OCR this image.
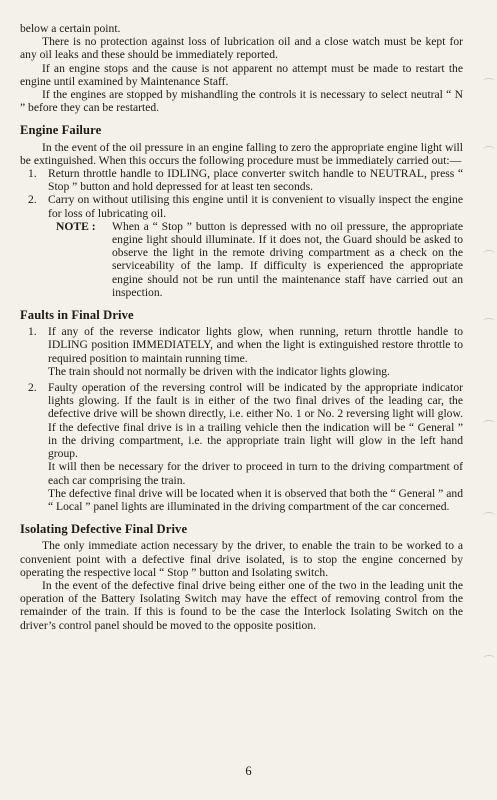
below a certain point.

There is no protection against loss of lubrication oil and a close watch must be kept for any oil leaks and these should be immediately reported.

If an engine stops and the cause is not apparent no attempt must be made to restart the engine until examined by Maintenance Staff.

If the engines are stopped by mishandling the controls it is necessary to select neutral “ N ” before they can be restarted.

Engine Failure

In the event of the oil pressure in an engine falling to zero the appropriate engine light will be extinguished. When this occurs the following procedure must be immediately carried out:—

1. Return throttle handle to IDLING, place converter switch handle to NEUTRAL, press “ Stop ” button and hold depressed for at least ten seconds.
2. Carry on without utilising this engine until it is convenient to visually inspect the engine for loss of lubricating oil.
NOTE :	When a “ Stop ” button is depressed with no oil pressure, the appropriate engine light should illuminate. If it does not, the Guard should be asked to observe the light in the remote driving compartment as a check on the serviceability of the lamp. If difficulty is experienced the appropriate engine should not be run until the maintenance staff have carried out an inspection.
Faults in Final Drive
1. If any of the reverse indicator lights glow, when running, return throttle handle to IDLING position IMMEDIATELY, and when the light is extinguished restore throttle to required position to maintain running time.

The train should not normally be driven with the indicator lights glowing.

2. Faulty operation of the reversing control will be indicated by the appropriate indicator lights glowing. If the fault is in either of the two final drives of the leading car, the defective drive will be shown directly, i.e. either No. 1 or No. 2 reversing light will glow. If the defective final drive is in a trailing vehicle then the indication will be “ General ” in the driving compartment, i.e. the appropriate train light will glow in the left hand group.

It will then be necessary for the driver to proceed in turn to the driving compartment of each car comprising the train.

The defective final drive will be located when it is observed that both the “ General ” and “ Local ” panel lights are illuminated in the driving compartment of the car concerned.

Isolating Defective Final Drive

The only immediate action necessary by the driver, to enable the train to be worked to a convenient point with a defective final drive isolated, is to stop the engine concerned by operating the respective local “ Stop ” button and Isolating switch.

In the event of the defective final drive being either one of the two in the leading unit the operation of the Battery Isolating Switch may have the effect of removing control from the remainder of the train. If this is found to be the case the Interlock Isolating Switch on the driver’s control panel should be moved to the opposite position.

6
